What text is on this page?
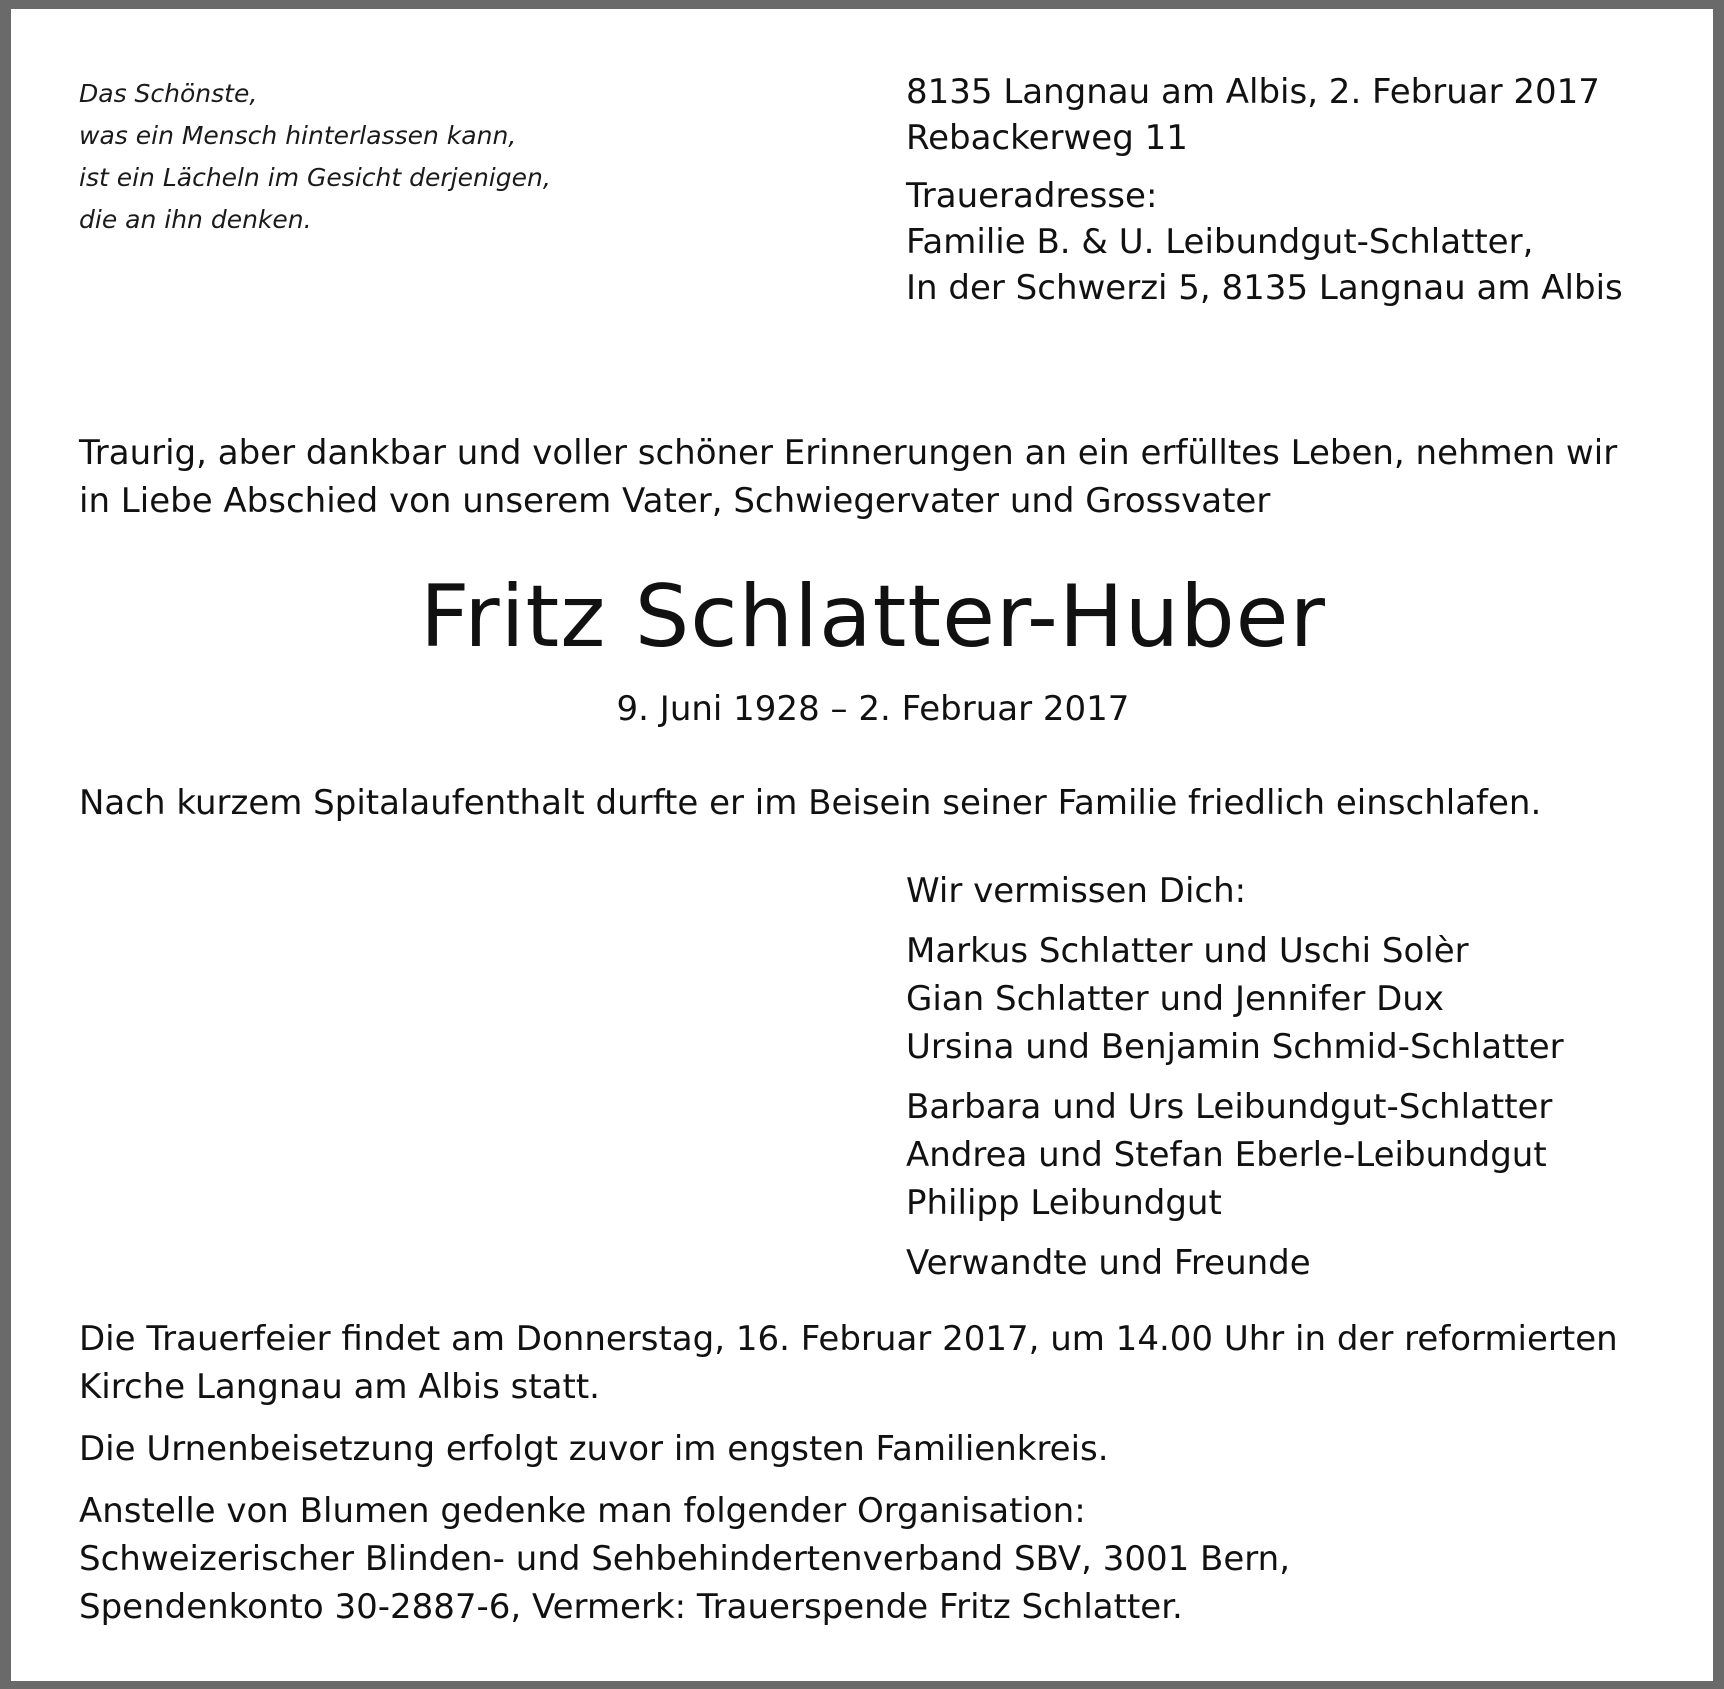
Das Schönste,
was ein Mensch hinterlassen kann,
ist ein Lächeln im Gesicht derjenigen,
die an ihn denken.
8135 Langnau am Albis, 2. Februar 2017
Rebackerweg 11
Traueradresse:
Familie B. & U. Leibundgut-Schlatter,
In der Schwerzi 5, 8135 Langnau am Albis
Traurig, aber dankbar und voller schöner Erinnerungen an ein erfülltes Leben, nehmen wir
in Liebe Abschied von unserem Vater, Schwiegervater und Grossvater
Fritz Schlatter-Huber
9. Juni 1928 – 2. Februar 2017
Nach kurzem Spitalaufenthalt durfte er im Beisein seiner Familie friedlich einschlafen.
Wir vermissen Dich:
Markus Schlatter und Uschi Solèr
Gian Schlatter und Jennifer Dux
Ursina und Benjamin Schmid-Schlatter
Barbara und Urs Leibundgut-Schlatter
Andrea und Stefan Eberle-Leibundgut
Philipp Leibundgut
Verwandte und Freunde
Die Trauerfeier findet am Donnerstag, 16. Februar 2017, um 14.00 Uhr in der reformierten
Kirche Langnau am Albis statt.
Die Urnenbeisetzung erfolgt zuvor im engsten Familienkreis.
Anstelle von Blumen gedenke man folgender Organisation:
Schweizerischer Blinden- und Sehbehindertenverband SBV, 3001 Bern,
Spendenkonto 30-2887-6, Vermerk: Trauerspende Fritz Schlatter.
